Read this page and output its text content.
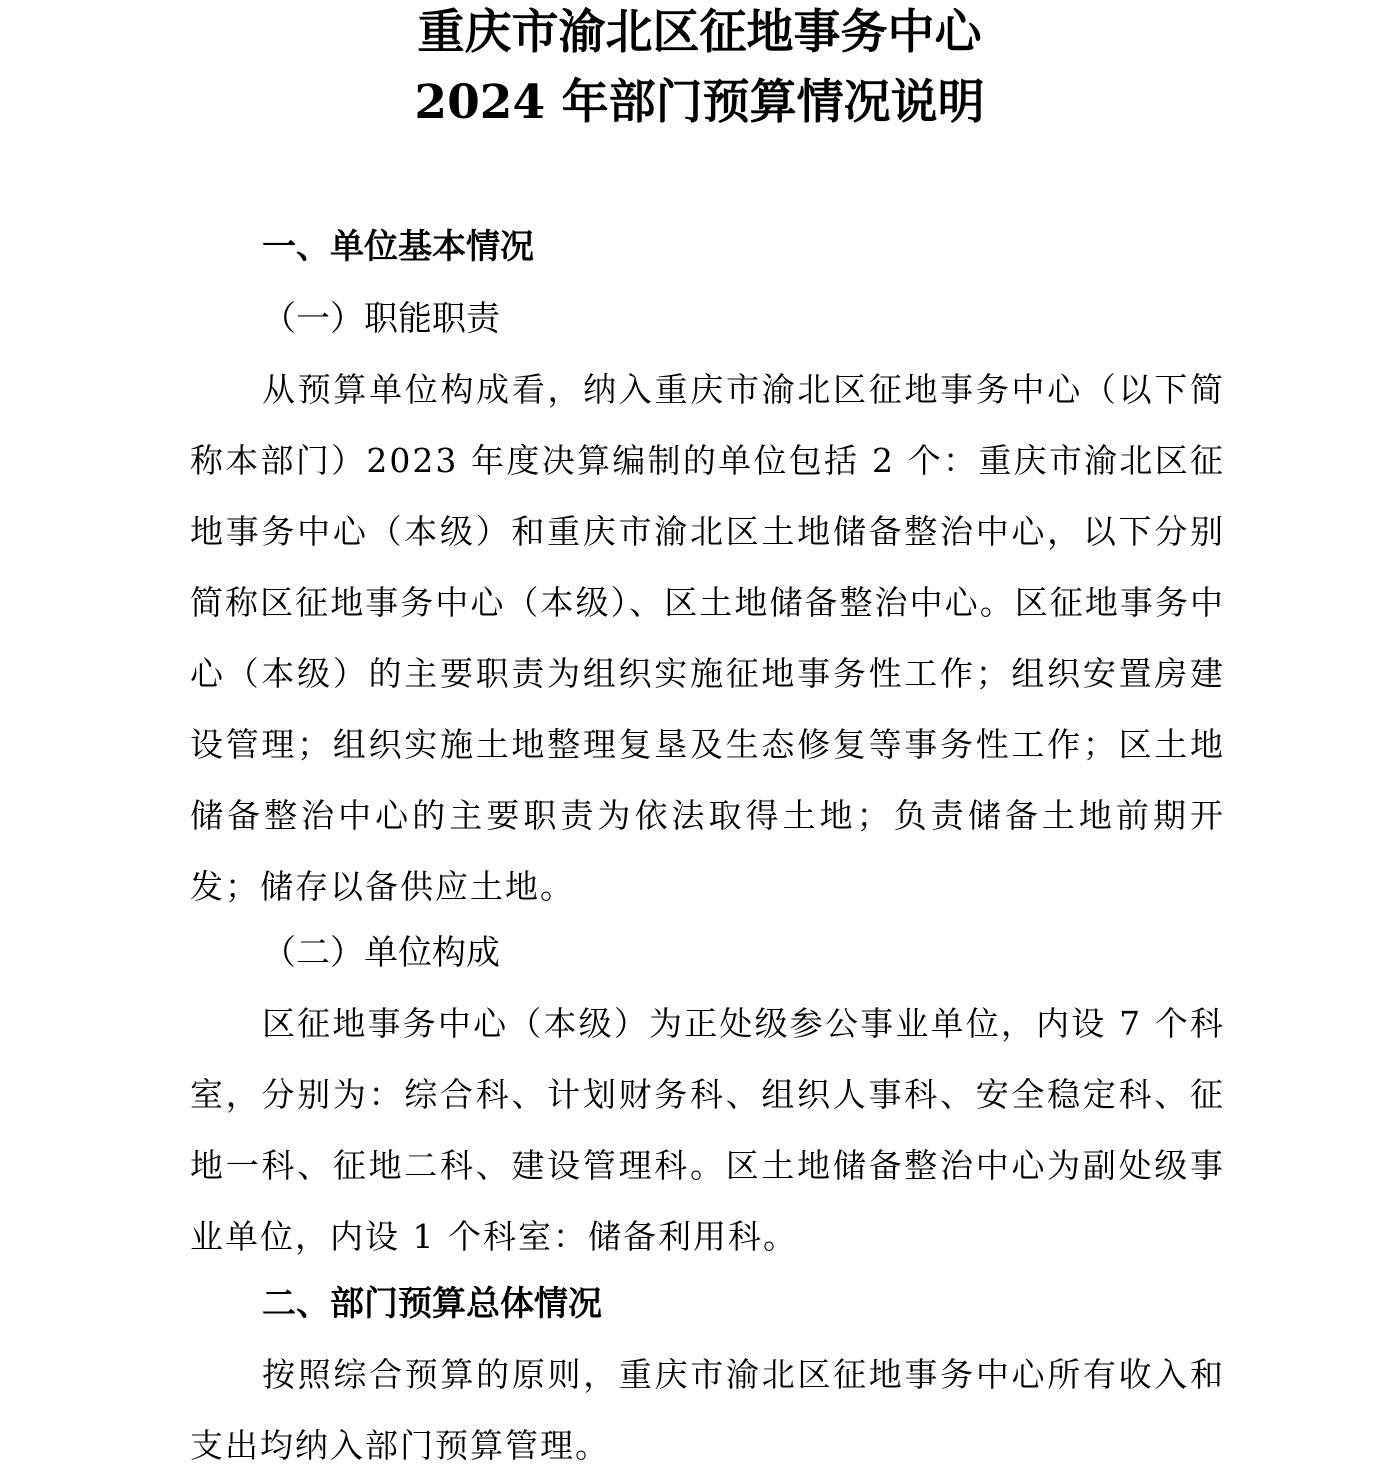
重庆市渝北区征地事务中心
2024 年部门预算情况说明
一、单位基本情况
（一）职能职责
从预算单位构成看，纳入重庆市渝北区征地事务中心（以下简称本部门）2023 年度决算编制的单位包括 2 个：重庆市渝北区征地事务中心（本级）和重庆市渝北区土地储备整治中心，以下分别简称区征地事务中心（本级）、区土地储备整治中心。区征地事务中心（本级）的主要职责为组织实施征地事务性工作；组织安置房建设管理；组织实施土地整理复垦及生态修复等事务性工作；区土地储备整治中心的主要职责为依法取得土地；负责储备土地前期开发；储存以备供应土地。
（二）单位构成
区征地事务中心（本级）为正处级参公事业单位，内设 7 个科室，分别为：综合科、计划财务科、组织人事科、安全稳定科、征地一科、征地二科、建设管理科。区土地储备整治中心为副处级事业单位，内设 1 个科室：储备利用科。
二、部门预算总体情况
按照综合预算的原则，重庆市渝北区征地事务中心所有收入和支出均纳入部门预算管理。
